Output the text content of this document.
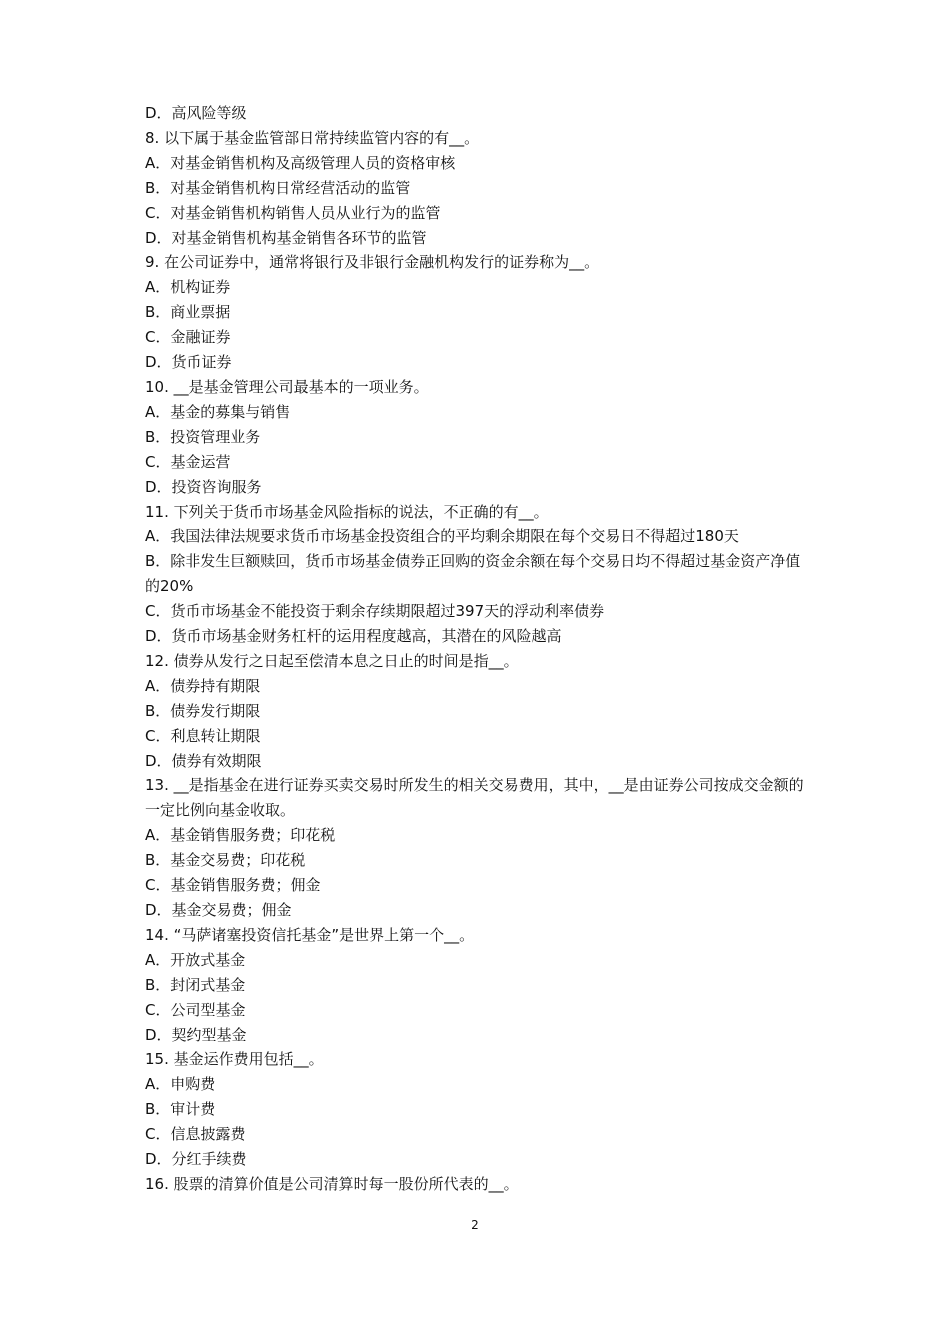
D．高风险等级

8. 以下属于基金监管部日常持续监管内容的有__。

A．对基金销售机构及高级管理人员的资格审核

B．对基金销售机构日常经营活动的监管

C．对基金销售机构销售人员从业行为的监管

D．对基金销售机构基金销售各环节的监管

9. 在公司证券中，通常将银行及非银行金融机构发行的证券称为__。

A．机构证券

B．商业票据

C．金融证券

D．货币证券

10. __是基金管理公司最基本的一项业务。

A．基金的募集与销售

B．投资管理业务

C．基金运营

D．投资咨询服务

11. 下列关于货币市场基金风险指标的说法，不正确的有__。

A．我国法律法规要求货币市场基金投资组合的平均剩余期限在每个交易日不得超过180天

B．除非发生巨额赎回，货币市场基金债券正回购的资金余额在每个交易日均不得超过基金资产净值的20%

C．货币市场基金不能投资于剩余存续期限超过397天的浮动利率债券

D．货币市场基金财务杠杆的运用程度越高，其潜在的风险越高

12. 债券从发行之日起至偿清本息之日止的时间是指__。

A．债券持有期限

B．债券发行期限

C．利息转让期限

D．债券有效期限

13. __是指基金在进行证券买卖交易时所发生的相关交易费用，其中，__是由证券公司按成交金额的一定比例向基金收取。

A．基金销售服务费；印花税

B．基金交易费；印花税

C．基金销售服务费；佣金

D．基金交易费；佣金

14. “马萨诸塞投资信托基金”是世界上第一个__。

A．开放式基金

B．封闭式基金

C．公司型基金

D．契约型基金

15. 基金运作费用包括__。

A．申购费

B．审计费

C．信息披露费

D．分红手续费

16. 股票的清算价值是公司清算时每一股份所代表的__。

2
